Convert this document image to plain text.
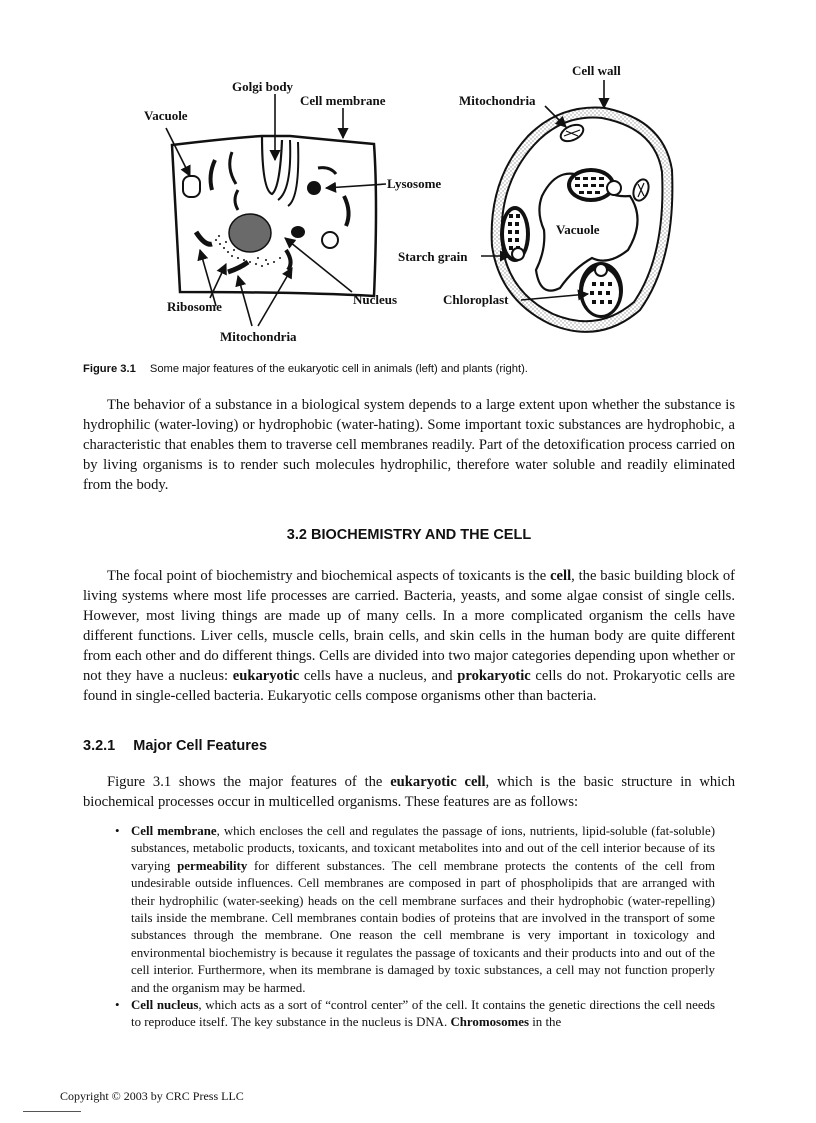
Golgi body
Cell membrane
Vacuole
Lysosome
Ribosome
Mitochondria
Nucleus
Cell wall
Mitochondria
Vacuole
Starch grain
Chloroplast
Figure 3.1 Some major features of the eukaryotic cell in animals (left) and plants (right).

The behavior of a substance in a biological system depends to a large extent upon whether the substance is hydrophilic (water-loving) or hydrophobic (water-hating). Some important toxic substances are hydrophobic, a characteristic that enables them to traverse cell membranes readily. Part of the detoxification process carried on by living organisms is to render such molecules hydrophilic, therefore water soluble and readily eliminated from the body.

3.2 BIOCHEMISTRY AND THE CELL

The focal point of biochemistry and biochemical aspects of toxicants is the cell, the basic building block of living systems where most life processes are carried. Bacteria, yeasts, and some algae consist of single cells. However, most living things are made up of many cells. In a more complicated organism the cells have different functions. Liver cells, muscle cells, brain cells, and skin cells in the human body are quite different from each other and do different things. Cells are divided into two major categories depending upon whether or not they have a nucleus: eukaryotic cells have a nucleus, and prokaryotic cells do not. Prokaryotic cells are found in single-celled bacteria. Eukaryotic cells compose organisms other than bacteria.

3.2.1 Major Cell Features

Figure 3.1 shows the major features of the eukaryotic cell, which is the basic structure in which biochemical processes occur in multicelled organisms. These features are as follows:

• Cell membrane, which encloses the cell and regulates the passage of ions, nutrients, lipid-soluble (fat-soluble) substances, metabolic products, toxicants, and toxicant metabolites into and out of the cell interior because of its varying permeability for different substances. The cell membrane protects the contents of the cell from undesirable outside influences. Cell membranes are composed in part of phospholipids that are arranged with their hydrophilic (water-seeking) heads on the cell membrane surfaces and their hydrophobic (water-repelling) tails inside the membrane. Cell membranes contain bodies of proteins that are involved in the transport of some substances through the membrane. One reason the cell membrane is very important in toxicology and environmental biochemistry is because it regulates the passage of toxicants and their products into and out of the cell interior. Furthermore, when its membrane is damaged by toxic substances, a cell may not function properly and the organism may be harmed.
• Cell nucleus, which acts as a sort of “control center” of the cell. It contains the genetic directions the cell needs to reproduce itself. The key substance in the nucleus is DNA. Chromosomes in the
Copyright © 2003 by CRC Press LLC
